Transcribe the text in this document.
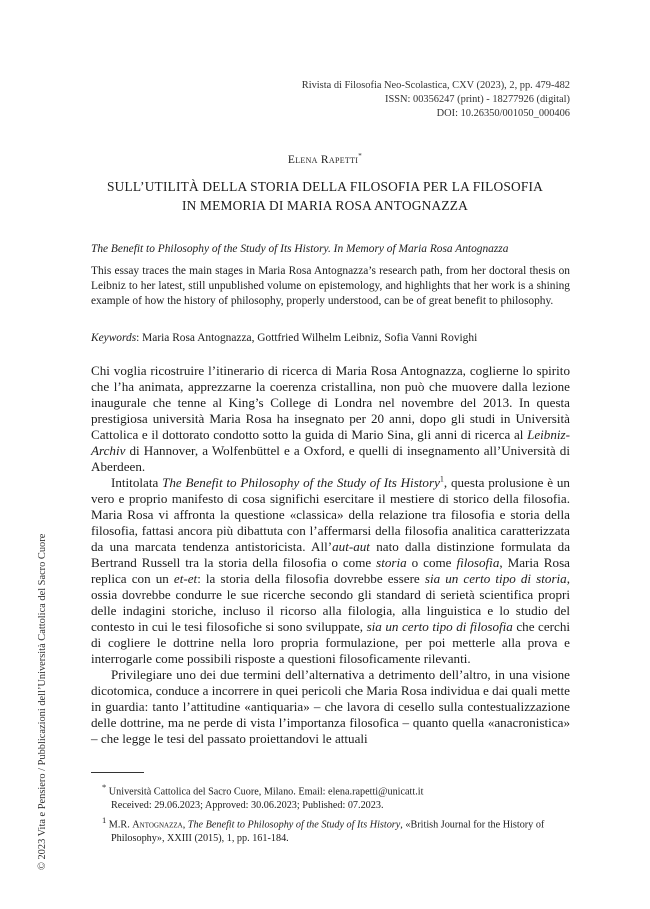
Rivista di Filosofia Neo-Scolastica, CXV (2023), 2, pp. 479-482
ISSN: 00356247 (print) - 18277926 (digital)
DOI: 10.26350/001050_000406
Elena Rapetti*
SULL’UTILITÀ DELLA STORIA DELLA FILOSOFIA PER LA FILOSOFIA
IN MEMORIA DI MARIA ROSA ANTOGNAZZA
The Benefit to Philosophy of the Study of Its History. In Memory of Maria Rosa Antognazza
This essay traces the main stages in Maria Rosa Antognazza’s research path, from her doctoral thesis on Leibniz to her latest, still unpublished volume on epistemology, and highlights that her work is a shining example of how the history of philosophy, properly understood, can be of great benefit to philosophy.
Keywords: Maria Rosa Antognazza, Gottfried Wilhelm Leibniz, Sofia Vanni Rovighi

Chi voglia ricostruire l’itinerario di ricerca di Maria Rosa Antognazza, coglierne lo spirito che l’ha animata, apprezzarne la coerenza cristallina, non può che muovere dalla lezione inaugurale che tenne al King’s College di Londra nel novembre del 2013. In questa prestigiosa università Maria Rosa ha insegnato per 20 anni, dopo gli studi in Università Cattolica e il dottorato condotto sotto la guida di Mario Sina, gli anni di ricerca al Leibniz-Archiv di Hannover, a Wolfenbüttel e a Oxford, e quelli di insegnamento all’Università di Aberdeen.

Intitolata The Benefit to Philosophy of the Study of Its History$^1$, questa prolusione è un vero e proprio manifesto di cosa significhi esercitare il mestiere di storico della filosofia. Maria Rosa vi affronta la questione «classica» della relazione tra filosofia e storia della filosofia, fattasi ancora più dibattuta con l’affermarsi della filosofia analitica caratterizzata da una marcata tendenza antistoricista. All’aut-aut nato dalla distinzione formulata da Bertrand Russell tra la storia della filosofia o come storia o come filosofia, Maria Rosa replica con un et-et: la storia della filosofia dovrebbe essere sia un certo tipo di storia, ossia dovrebbe condurre le sue ricerche secondo gli standard di serietà scientifica propri delle indagini storiche, incluso il ricorso alla filologia, alla linguistica e lo studio del contesto in cui le tesi filosofiche si sono sviluppate, sia un certo tipo di filosofia che cerchi di cogliere le dottrine nella loro propria formulazione, per poi metterle alla prova e interrogarle come possibili risposte a questioni filosoficamente rilevanti.

Privilegiare uno dei due termini dell’alternativa a detrimento dell’altro, in una visione dicotomica, conduce a incorrere in quei pericoli che Maria Rosa individua e dai quali mette in guardia: tanto l’attitudine «antiquaria» – che lavora di cesello sulla contestualizzazione delle dottrine, ma ne perde di vista l’importanza filosofica – quanto quella «anacronistica» – che legge le tesi del passato proiettandovi le attuali

* Università Cattolica del Sacro Cuore, Milano. Email: elena.rapetti@unicatt.it
Received: 29.06.2023; Approved: 30.06.2023; Published: 07.2023.
$^1$ M.R. Antognazza, The Benefit to Philosophy of the Study of Its History, «British Journal for the History of Philosophy», XXIII (2015), 1, pp. 161-184.
© 2023 Vita e Pensiero / Pubblicazioni dell’Università Cattolica del Sacro Cuore
